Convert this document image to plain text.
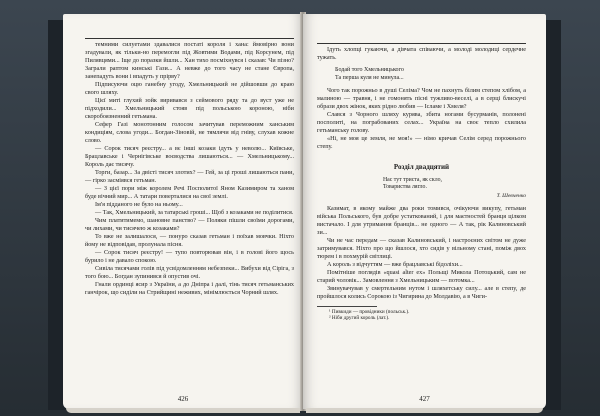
темними силуетами здавалися постаті короля і хана: ймовірно вони згадували, як тільки-но перемогли під Жовтими Водами, під Корсунем, під Пилявцями... Іще до поразки йшли... Хан тихо посміхнувся і сказав: Чи пізно? Заграли раптом кинські Гази... А невже до того часу не стане Європа, занепадуть вони і впадуть у прірву?

Підписуючи оцю ганебну угоду, Хмельницький не дійшовши до краю свого шляху.

Цієї миті глухий зойк виривався з сеймового ряду та до вуст уже не підходили... Хмельницький стояв під польською короною, ніби скоробоязненний гетьмана.

Сефер Газі монотонним голосом зачитував переможним ханським кондиціям, слова угоди... Богдан-Зіновій, не тямлячи від гніву, слухав кожне слово.

— Сорок тисяч реєстру... а вє інші козаки ідуть у неволю... Київське, Брацлавське і Чернігівське воєводства лишаються... — Хмельницькому... Король дає тисячу.

Торги, базар... За двісті тисяч злотих? — Гей, за ці гроші лишаються пани, — гірко засміявся гетьман.

— З цієї пори між королем Речі Посполитої Яном Казимиром та ханом буде вічний мир... А татари поверталися на свої землі.

Ім'я підданого не було на ньому...

— Так, Хмельницький, за татарські гроші... Щоб з козаками не поділитися.

Чим платитимемо, шановне панство? — Поляки пішли своїми дорогами, чи лихами, чи тисячею ж козаками?

То вже не залишалося, — понуро сказав гетьман і поїхав мовчки. Ніхто йому не відповідав, пролунала пісня.

— Сорок тисяч реєстру! — тупо повторював він, і в голові його щось бурило і не давало спокою.

Сивіла тисячами голів під усвідомленням небезпеки... Вибухи від Сіріга, з того бою... Богдан зупинився й опустив очі.

Гнали ординці ясир з України, а до Дніпра і далі, тінь тисяч гетьманських ганчірок, що сиділи на Стрийщині неживих, мінімлюється Чорний шлях.

426

Ідуть хлопці гукаючи, а дівчата співаючи, а молоді молодиці сердечне тужать.

Бодай того Хмельницького
Та перша куля не минула...

Чого так порожньо в душі Селіма? Чом не пахнуть білим степом хлібом, а малиною — травня, і не гомонять пісні тужливо-веселі, а в серці блискучі образи двох жінок, яких рідно любив — Ісламе і Хмеля?

Слався з Чорного шляху курява, збита ногами бусурманів, полонені посполиті, на пограбованих селах... Україна на своє тепло схилила гетьманську голову.

«Ні, не моя це земля, не моя!» — німо кричав Селім серед порожнього степу.

Розділ двадцятий
Нас тут триста, як скло,
Товариства лягло.
Т. Шевченко

Казимат, в якому майже два роки томився, очікуючи викупу, гетьман війська Польського, був добре устаткований, і для маєтностей бранця цілком вистачало. І для утримання бранців... не одного — А так, рік Калиновський зи...

Чи не час передам — сказав Калиновський, і настроєних світом не дуже затримувався. Ніхто про що йшлося, хто сидів у вільному стані, поміж двох тюрем і в похмурій світлиці.

А король з відчуттям — вже брацлавські бідоліхи...

Помітніше поглядів «quasi alter ex» Польщі Микола Потоцький, сам не старий чоловік... Замовлення з Хмельницьким — потомка...

Звинувачував у смертельним нутом і шляхетську силу... але в степу, де пройшлося колись Сорокою із Чигирина до Молдавію, а в Чиги-

¹ Пивкиди — провідники (польськ.).
² Ніби другий король (лат.).
427
